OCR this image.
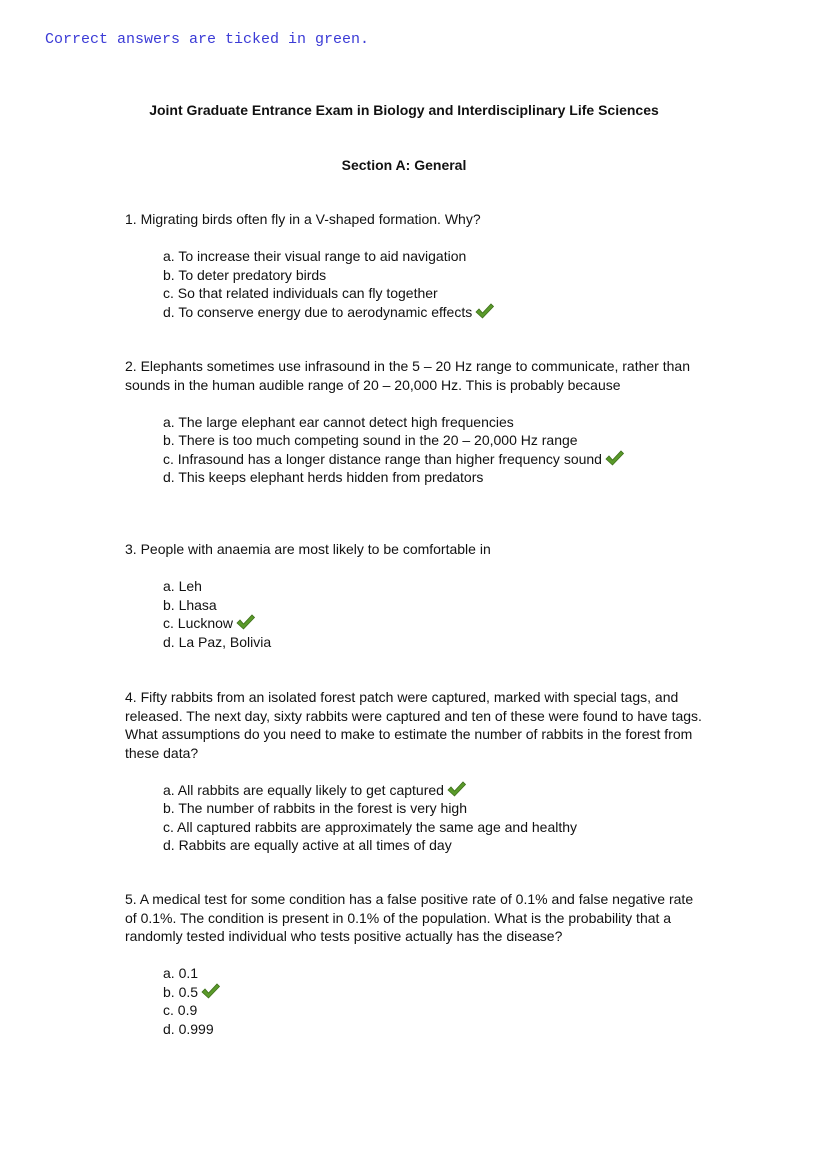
Correct answers are ticked in green.
Joint Graduate Entrance Exam in Biology and Interdisciplinary Life Sciences
Section A: General

1. Migrating birds often fly in a V-shaped formation. Why?

a. To increase their visual range to aid navigation
b. To deter predatory birds
c. So that related individuals can fly together
d. To conserve energy due to aerodynamic effects

2. Elephants sometimes use infrasound in the 5 – 20 Hz range to communicate, rather than sounds in the human audible range of 20 – 20,000 Hz. This is probably because

a. The large elephant ear cannot detect high frequencies
b. There is too much competing sound in the 20 – 20,000 Hz range
c. Infrasound has a longer distance range than higher frequency sound
d. This keeps elephant herds hidden from predators

3. People with anaemia are most likely to be comfortable in

a. Leh
b. Lhasa
c. Lucknow
d. La Paz, Bolivia

4. Fifty rabbits from an isolated forest patch were captured, marked with special tags, and released. The next day, sixty rabbits were captured and ten of these were found to have tags. What assumptions do you need to make to estimate the number of rabbits in the forest from these data?

a. All rabbits are equally likely to get captured
b. The number of rabbits in the forest is very high
c. All captured rabbits are approximately the same age and healthy
d. Rabbits are equally active at all times of day

5. A medical test for some condition has a false positive rate of 0.1% and false negative rate of 0.1%. The condition is present in 0.1% of the population. What is the probability that a randomly tested individual who tests positive actually has the disease?

a. 0.1
b. 0.5
c. 0.9
d. 0.999
